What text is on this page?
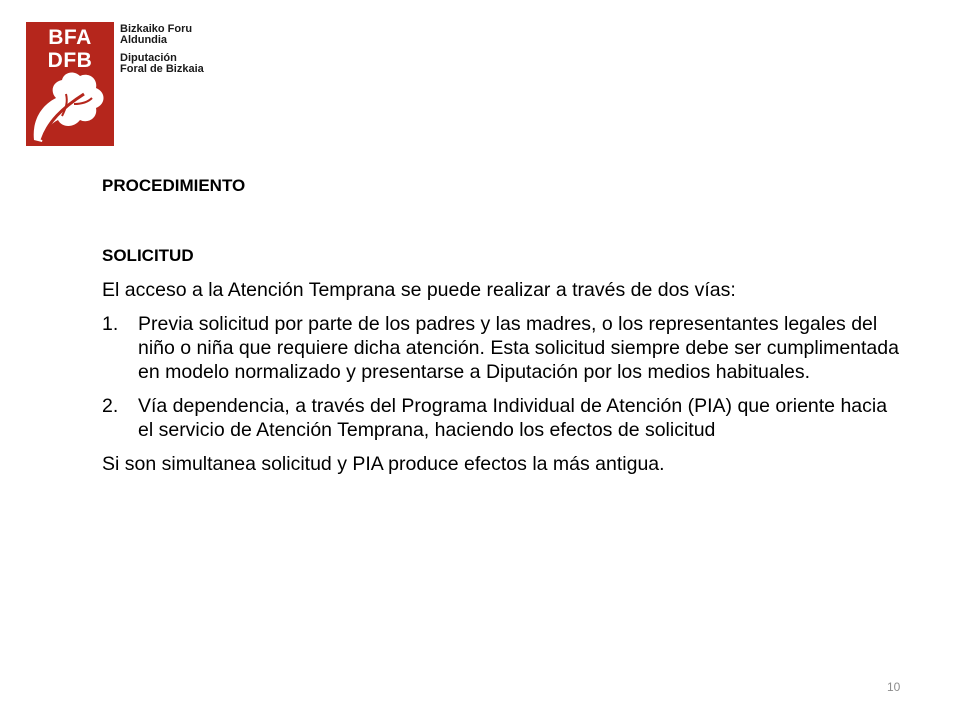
BFA
DFB
Bizkaiko Foru
Aldundia
Diputación
Foral de Bizkaia

PROCEDIMIENTO

SOLICITUD

El acceso a la Atención Temprana se puede realizar a través de dos vías:

1. Previa solicitud por parte de los padres y las madres, o los representantes legales del niño o niña que requiere dicha atención. Esta solicitud siempre debe ser cumplimentada en modelo normalizado y presentarse a Diputación por los medios habituales.
2. Vía dependencia, a través del Programa Individual de Atención (PIA) que oriente hacia el servicio de Atención Temprana, haciendo los efectos de solicitud

Si son simultanea solicitud y PIA produce efectos la más antigua.

10
